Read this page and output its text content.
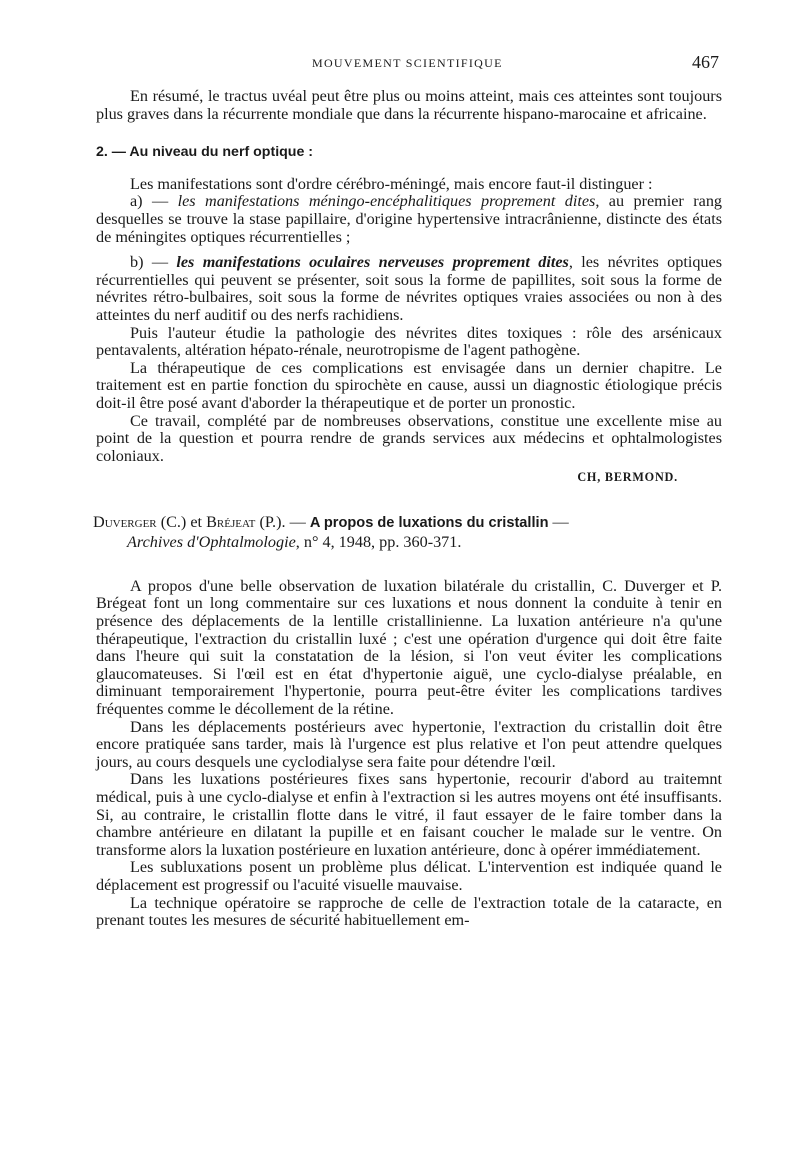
MOUVEMENT SCIENTIFIQUE	467

En résumé, le tractus uvéal peut être plus ou moins atteint, mais ces atteintes sont toujours plus graves dans la récurrente mondiale que dans la récurrente hispano-marocaine et africaine.

2. — Au niveau du nerf optique :

Les manifestations sont d'ordre cérébro-méningé, mais encore faut-il distinguer :

a) — les manifestations méningo-encéphalitiques proprement dites, au premier rang desquelles se trouve la stase papillaire, d'origine hypertensive intracrânienne, distincte des états de méningites optiques récurrentielles ;

b) — les manifestations oculaires nerveuses proprement dites, les névrites optiques récurrentielles qui peuvent se présenter, soit sous la forme de papillites, soit sous la forme de névrites rétro-bulbaires, soit sous la forme de névrites optiques vraies associées ou non à des atteintes du nerf auditif ou des nerfs rachidiens.

Puis l'auteur étudie la pathologie des névrites dites toxiques : rôle des arsénicaux pentavalents, altération hépato-rénale, neurotropisme de l'agent pathogène.

La thérapeutique de ces complications est envisagée dans un dernier chapitre. Le traitement est en partie fonction du spirochète en cause, aussi un diagnostic étiologique précis doit-il être posé avant d'aborder la thérapeutique et de porter un pronostic.

Ce travail, complété par de nombreuses observations, constitue une excellente mise au point de la question et pourra rendre de grands services aux médecins et ophtalmologistes coloniaux.

CH, BERMOND.
Duverger (C.) et Bréjeat (P.). — A propos de luxations du cristallin —
Archives d'Ophtalmologie, n° 4, 1948, pp. 360-371.

A propos d'une belle observation de luxation bilatérale du cristallin, C. Duverger et P. Brégeat font un long commentaire sur ces luxations et nous donnent la conduite à tenir en présence des déplacements de la lentille cristallinienne. La luxation antérieure n'a qu'une thérapeutique, l'extraction du cristallin luxé ; c'est une opération d'urgence qui doit être faite dans l'heure qui suit la constatation de la lésion, si l'on veut éviter les complications glaucomateuses. Si l'œil est en état d'hypertonie aiguë, une cyclo-dialyse préalable, en diminuant temporairement l'hypertonie, pourra peut-être éviter les complications tardives fréquentes comme le décollement de la rétine.

Dans les déplacements postérieurs avec hypertonie, l'extraction du cristallin doit être encore pratiquée sans tarder, mais là l'urgence est plus relative et l'on peut attendre quelques jours, au cours desquels une cyclodialyse sera faite pour détendre l'œil.

Dans les luxations postérieures fixes sans hypertonie, recourir d'abord au traitemnt médical, puis à une cyclo-dialyse et enfin à l'extraction si les autres moyens ont été insuffisants. Si, au contraire, le cristallin flotte dans le vitré, il faut essayer de le faire tomber dans la chambre antérieure en dilatant la pupille et en faisant coucher le malade sur le ventre. On transforme alors la luxation postérieure en luxation antérieure, donc à opérer immédiatement.

Les subluxations posent un problème plus délicat. L'intervention est indiquée quand le déplacement est progressif ou l'acuité visuelle mauvaise.

La technique opératoire se rapproche de celle de l'extraction totale de la cataracte, en prenant toutes les mesures de sécurité habituellement em-
